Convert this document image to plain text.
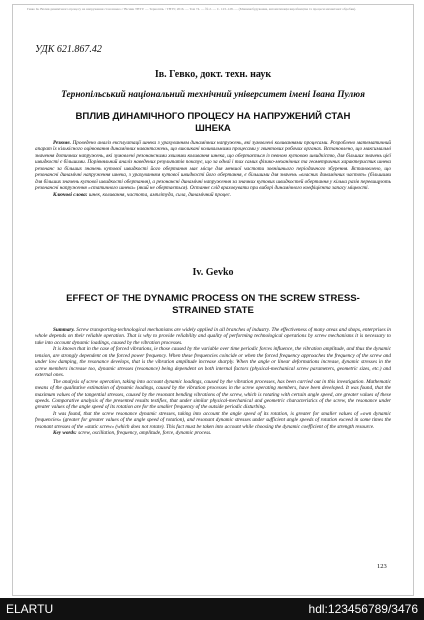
Гевко Ів. Вплив динамічного процесу на напруження стан шнека // Вісник ТНТУ. — Тернопіль : ТНТУ, 2016. — Том 74. — № 2. — С. 123–128. — (Машинобудування, автоматизація виробництва та процеси механічної обробки).
УДК 621.867.42
Ів. Гевко, докт. техн. наук
Тернопільський національний технічний університет імені Івана Пулюя
ВПЛИВ ДИНАМІЧНОГО ПРОЦЕСУ НА НАПРУЖЕНИЙ СТАН
ШНЕКА

Резюме. Проведено аналіз експлуатації шнека з урахуванням динамічних напружень, які зумовлені коливаннями процесами. Розроблено математичний апарат їх кількісного оцінювання динамічних навантажень, що викликані коливальними процесами у гвинтових робочих органах. Встановлено, що максимальні значення дотичних напружень, які зумовлені резонансними хвилями коливання шнека, що обертається із певною кутовою швидкістю, для більших значень цієї швидкості є більшими. Порівняльний аналіз наведених результатів показує, що за однаї і тих самих фізико-механічних та геометричних характеристик шнека резонанс за більших значень кутової швидкості його обертання має місце для меншої частоти зовнішнього періодичного збурення. Встановлено, що резонансні динамічні напруження шнека, з урахуванням кутової швидкості його обертання, є більшими для значень «власних динамічних частот» (більшими для більших значень кутової швидкості обертання), а резонансні динамічні напруження за значних кутових швидкостей обертання у кілька разів перевищують резонансні напруження «статичного шнека» (який не обертається). Останнє слід враховувати при виборі динамічного коефіцієнта запасу міцності.

Ключові слова: шнек, коливання, частота, амплітуда, сила, динамічний процес.

Iv. Gevko
EFFECT OF THE DYNAMIC PROCESS ON THE SCREW STRESS-
STRAINED STATE

Summary. Screw transporting-technological mechanisms are widely applied in all branches of industry. The effectiveness of many areas and shops, enterprises in whole depends on their reliable operation. That is why to provide reliability and quality of performing technological operations by screw mechanisms it is necessary to take into account dynamic loadings, caused by the vibration processes.

It is known that in the case of forced vibrations, ie those caused by the variable over time periodic forces influence, the vibration amplitude, and thus the dynamic tension, are strongly dependent on the forced power frequency. When these frequencies coincide or when the forced frequency approaches the frequency of the screw and under low damping, the resonance develops, that is the vibration amplitude increase sharply. When the angle or linear deformations increase, dynamic stresses in the screw members increase too, dynamic stresses (resonance) being dependent on both internal factors (physical-mechanical screw parameters, geometric sizes, etc.) and external ones.

The analysis of screw operation, taking into account dynamic loadings, caused by the vibration processes, has been carried out in this investigation. Mathematic means of the qualitative estimation of dynamic loadings, caused by the vibration processes in the screw operating members, have been developed. It was found, that the maximum values of the tangential stresses, caused by the resonant bending vibrations of the screw, which is rotating with certain angle speed, are greater values of these speeds. Comparative analysis of the presented results testifies, that under similar physical-mechanical and geometric characteristics of the screw, the resonance under greater values of the angle speed of its rotation are for the smaller frequency of the outside periodic disturbing.

It was found, that the screw resonance dynamic stresses, taking into account the angle speed of its rotation, is greater for smaller values of «own dynamic frequencies» (greater for greater values of the angle speed of rotation), and resonant dynamic stresses under sufficient angle speeds of rotation exceed in some times the resonant stresses of the «static screw» (which does not rotate). This fact must be taken into account while choosing the dynamic coefficient of the strength resource.

Key words: screw, oscillation, frequency, amplitude, force, dynamic process.

123
ELARTU	hdl:123456789/3476
